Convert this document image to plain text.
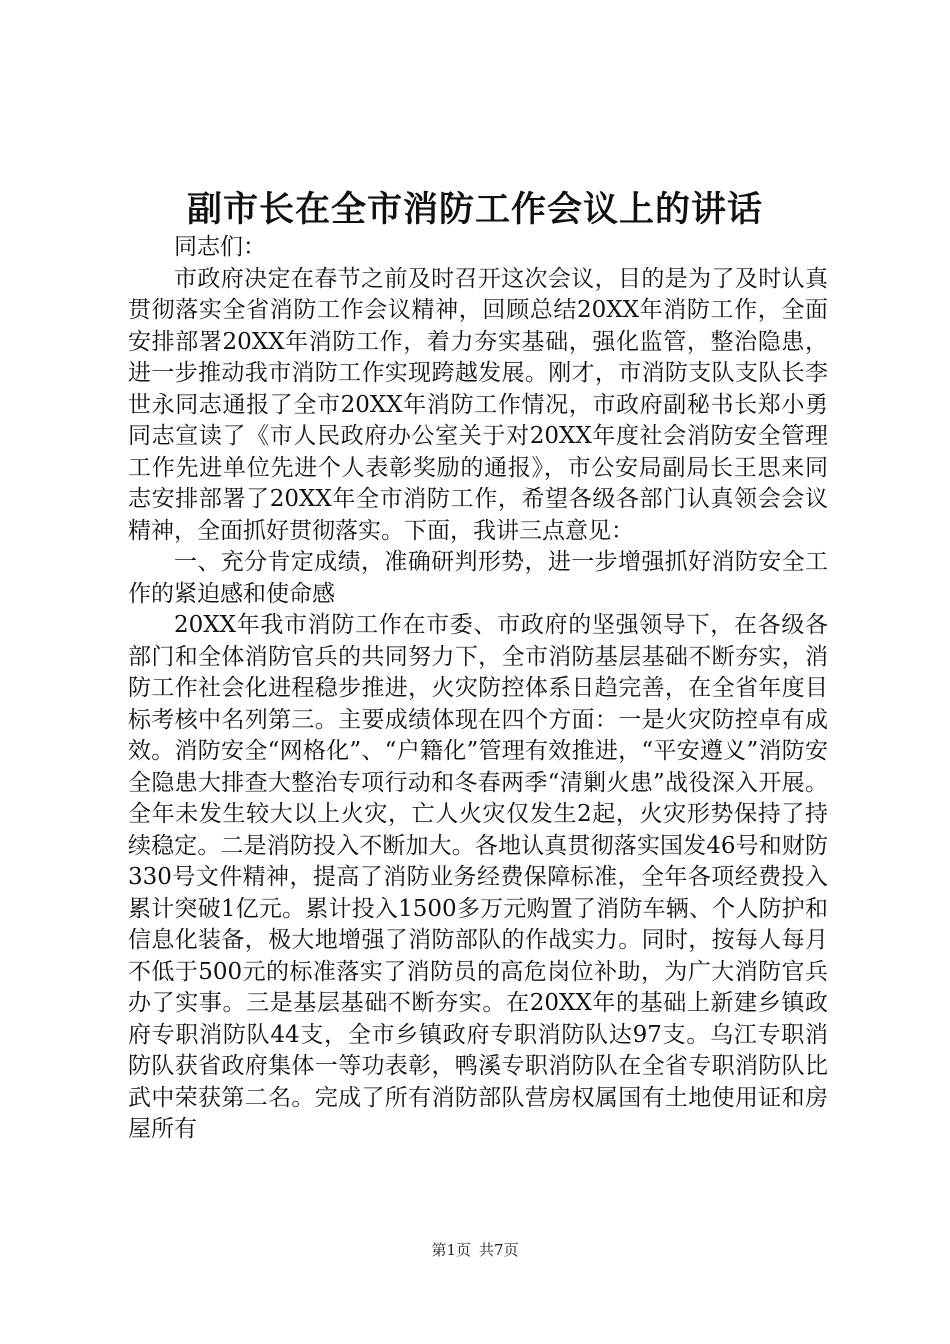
副市长在全市消防工作会议上的讲话

同志们：

市政府决定在春节之前及时召开这次会议，目的是为了及时认真贯彻落实全省消防工作会议精神，回顾总结20XX年消防工作，全面安排部署20XX年消防工作，着力夯实基础，强化监管，整治隐患，进一步推动我市消防工作实现跨越发展。刚才，市消防支队支队长李世永同志通报了全市20XX年消防工作情况，市政府副秘书长郑小勇同志宣读了《市人民政府办公室关于对20XX年度社会消防安全管理工作先进单位先进个人表彰奖励的通报》，市公安局副局长王思来同志安排部署了20XX年全市消防工作，希望各级各部门认真领会会议精神，全面抓好贯彻落实。下面，我讲三点意见：

一、充分肯定成绩，准确研判形势，进一步增强抓好消防安全工作的紧迫感和使命感

20XX年我市消防工作在市委、市政府的坚强领导下，在各级各部门和全体消防官兵的共同努力下，全市消防基层基础不断夯实，消防工作社会化进程稳步推进，火灾防控体系日趋完善，在全省年度目标考核中名列第三。主要成绩体现在四个方面：一是火灾防控卓有成效。消防安全“网格化”、“户籍化”管理有效推进，“平安遵义”消防安全隐患大排查大整治专项行动和冬春两季“清剿火患”战役深入开展。全年未发生较大以上火灾，亡人火灾仅发生2起，火灾形势保持了持续稳定。二是消防投入不断加大。各地认真贯彻落实国发46号和财防330号文件精神，提高了消防业务经费保障标准，全年各项经费投入累计突破1亿元。累计投入1500多万元购置了消防车辆、个人防护和信息化装备，极大地增强了消防部队的作战实力。同时，按每人每月不低于500元的标准落实了消防员的高危岗位补助，为广大消防官兵办了实事。三是基层基础不断夯实。在20XX年的基础上新建乡镇政府专职消防队44支，全市乡镇政府专职消防队达97支。乌江专职消防队获省政府集体一等功表彰，鸭溪专职消防队在全省专职消防队比武中荣获第二名。完成了所有消防部队营房权属国有土地使用证和房屋所有

第1页 共7页
